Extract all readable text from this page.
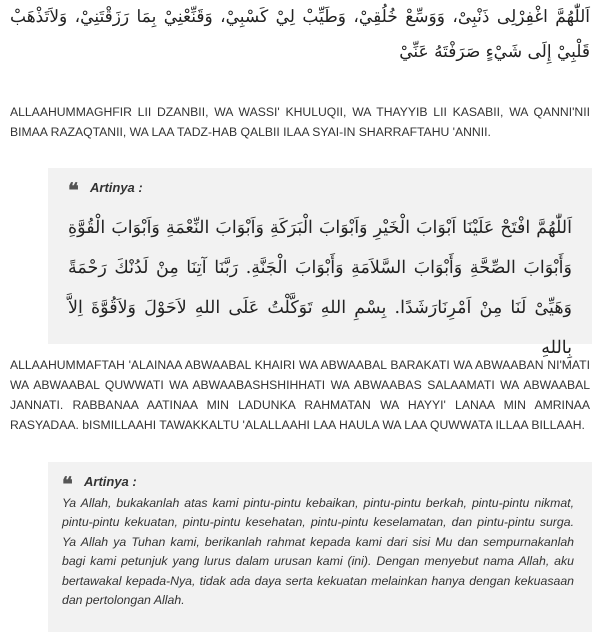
اَللّٰهُمَّ اغْفِرْلِى ذَنْبِىْ، وَوَسِّعْ خُلُقِيْ، وَطَيِّبْ لِيْ كَسْبِيْ، وَقَنِّعْنِيْ بِمَا رَزَقْتَنِيْ، وَلاَتَذْهَبْ قَلْبِيْ إِلَى شَيْءٍ صَرَفْتَهُ عَنِّيْ
ALLAAHUMMAGHFIR LII DZANBII, WA WASSI' KHULUQII, WA THAYYIB LII KASABII, WA QANNI'NII BIMAA RAZAQTANII, WA LAA TADZ-HAB QALBII ILAA SYAI-IN SHARRAFTAHU 'ANNII.
❝ Artinya :
اَللّٰهُمَّ افْتَحْ عَلَيْنَا اَبْوَابَ الْخَيْرِ وَاَبْوَابَ الْبَرَكَةِ وَاَبْوَابَ النِّعْمَةِ وَاَبْوَابَ الْقُوَّةِ وَأَبْوَابَ الصِّحَّةِ وَأَبْوَابَ السَّلاَمَةِ وَأَبْوَابَ الْجَنَّةِ. رَبَّنَا آتِنَا مِنْ لَدُنْكَ رَحْمَةً وَهَيِّىْ لَنَا مِنْ اَمْرِنَارَشَدًا. بِسْمِ اللهِ تَوَكَّلْتُ عَلَى اللهِ لاَحَوْلَ وَلاَقُوَّةَ اِلاَّ بِاللهِ
ALLAAHUMMAFTAH 'ALAINAA ABWAABAL KHAIRI WA ABWAABAL BARAKATI WA ABWAABAN NI'MATI WA ABWAABAL QUWWATI WA ABWAABASHSHIHHATI WA ABWAABAS SALAAMATI WA ABWAABAL JANNATI. RABBANAA AATINAA MIN LADUNKA RAHMATAN WA HAYYI' LANAA MIN AMRINAA RASYADAA. bISMILLAAHI TAWAKKALTU 'ALALLAAHI LAA HAULA WA LAA QUWWATA ILLAA BILLAAH.
❝ Artinya :
Ya Allah, bukakanlah atas kami pintu-pintu kebaikan, pintu-pintu berkah, pintu-pintu nikmat, pintu-pintu kekuatan, pintu-pintu kesehatan, pintu-pintu keselamatan, dan pintu-pintu surga. Ya Allah ya Tuhan kami, berikanlah rahmat kepada kami dari sisi Mu dan sempurnakanlah bagi kami petunjuk yang lurus dalam urusan kami (ini). Dengan menyebut nama Allah, aku bertawakal kepada-Nya, tidak ada daya serta kekuatan melainkan hanya dengan kekuasaan dan pertolongan Allah.
